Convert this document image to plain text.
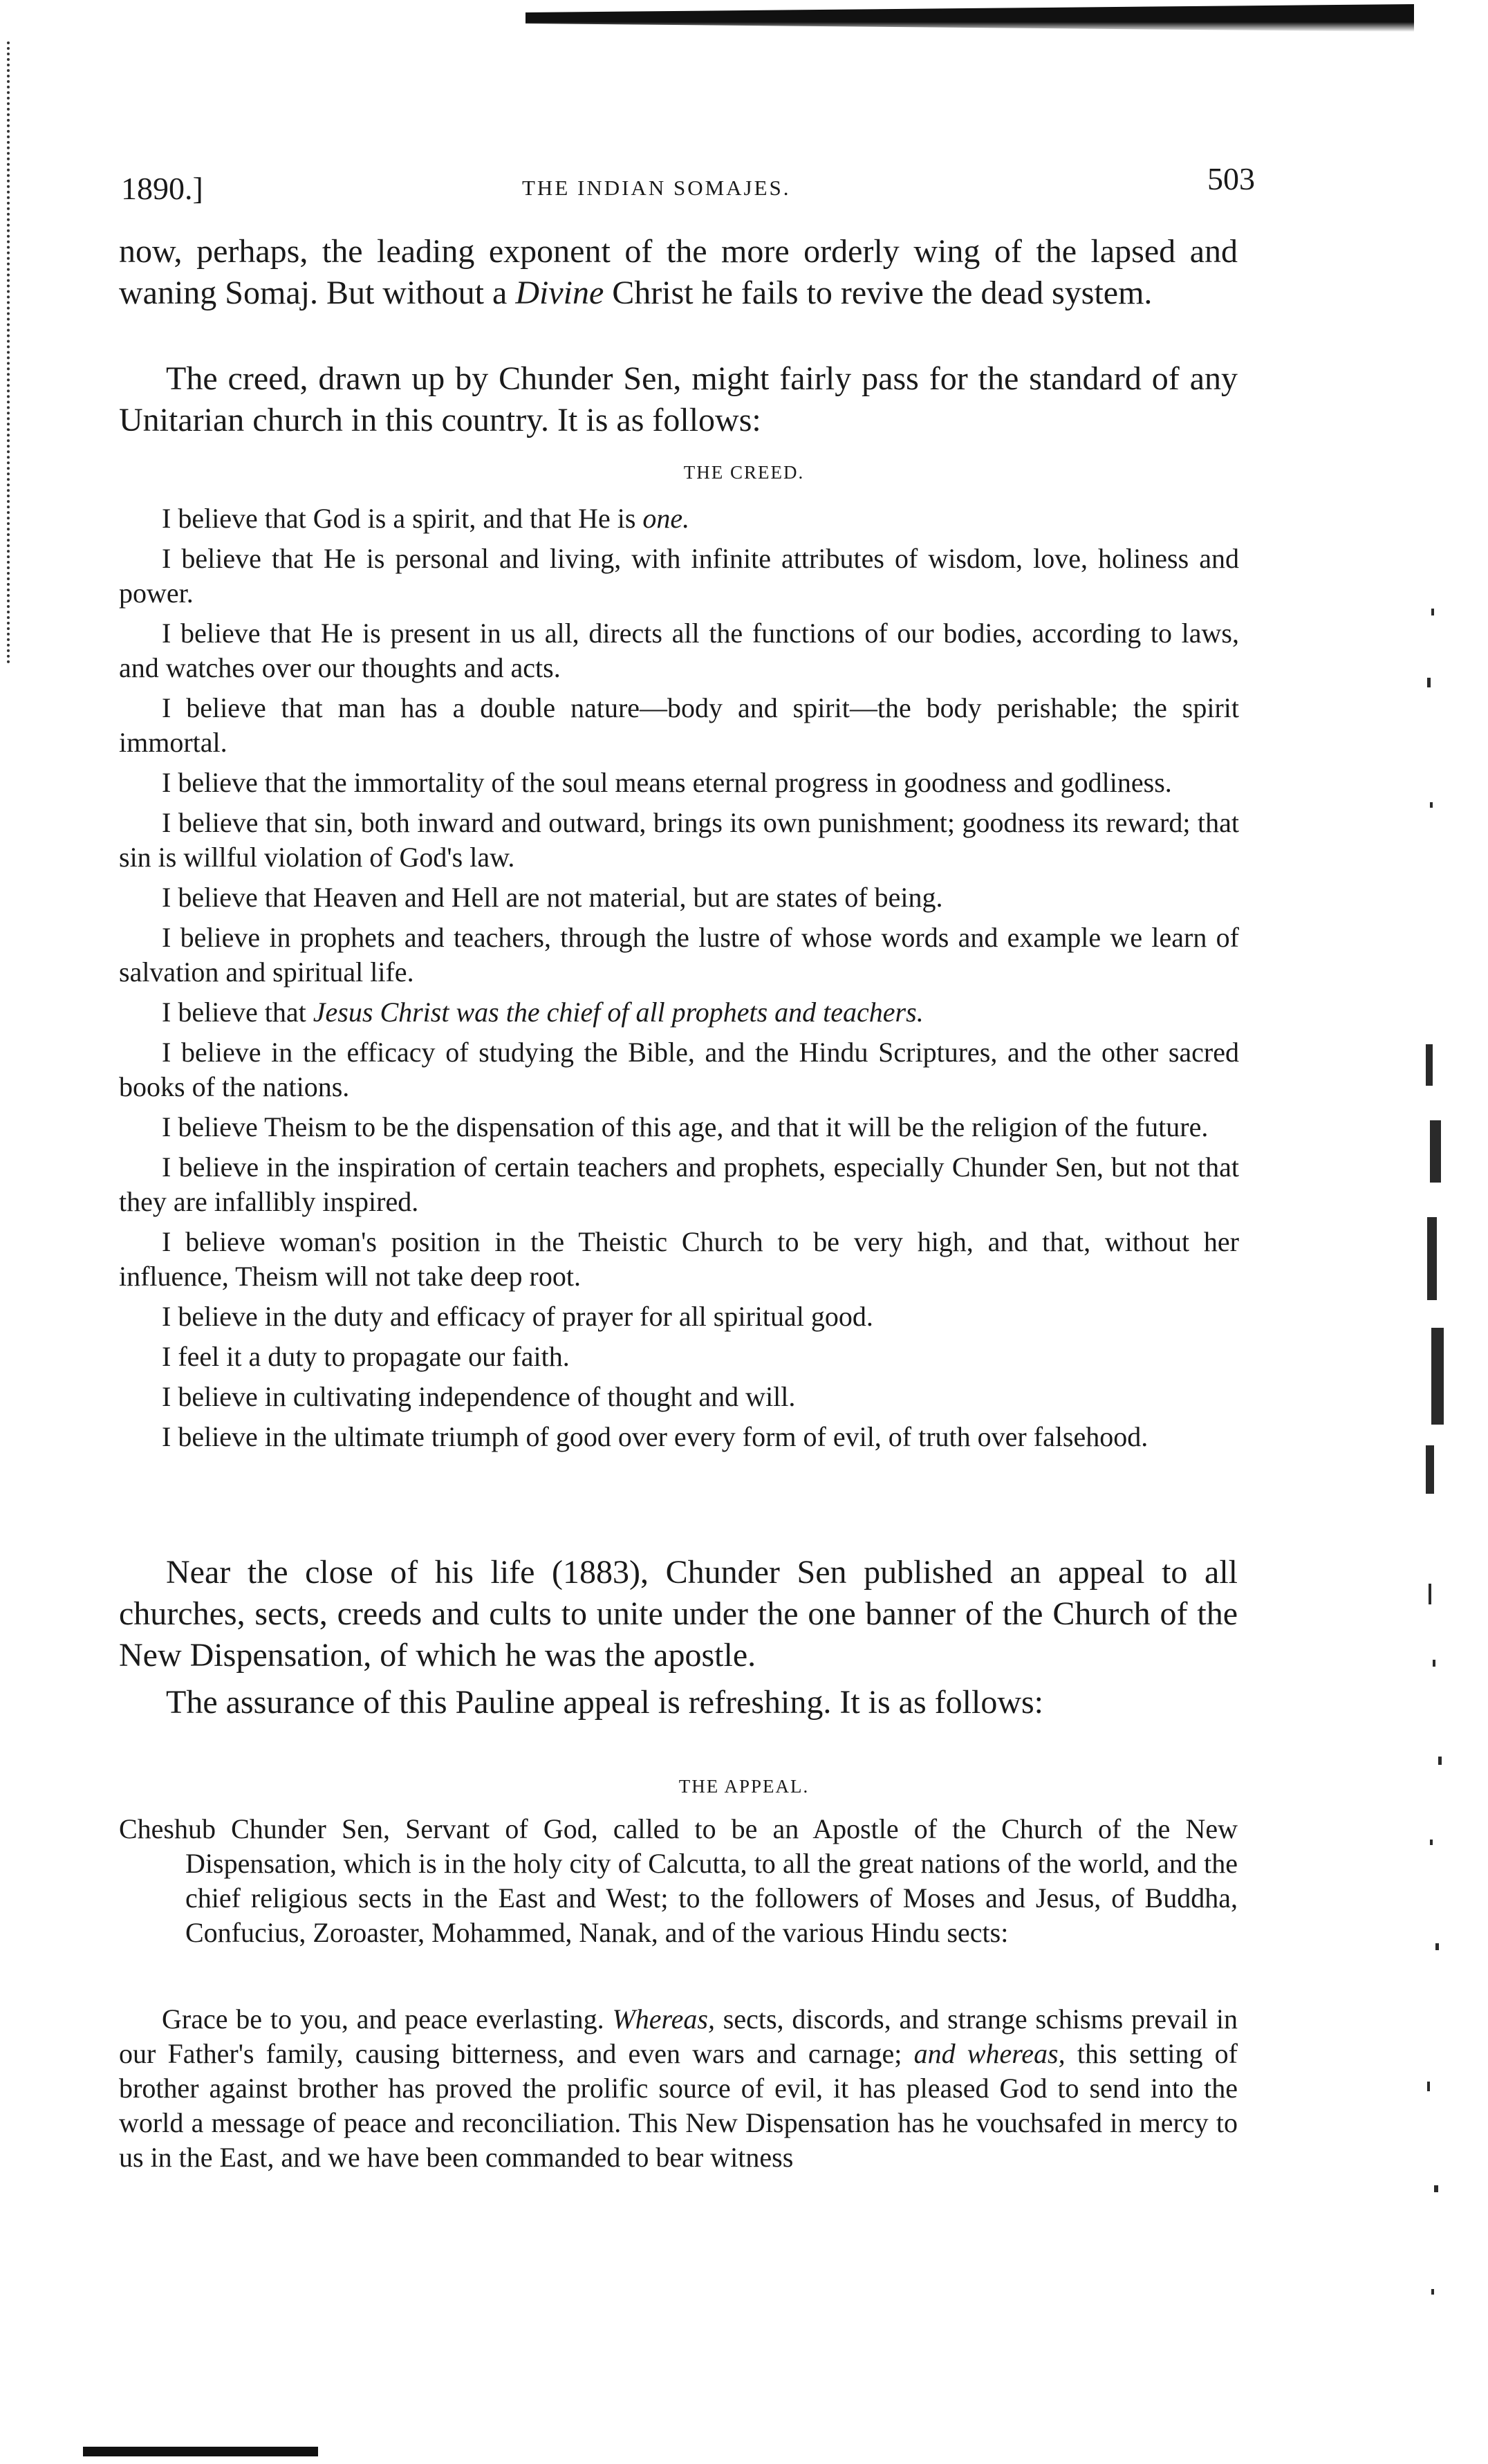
1890.]	THE INDIAN SOMAJES.	503
now, perhaps, the leading exponent of the more orderly wing of the lapsed and waning Somaj. But without a Divine Christ he fails to revive the dead system.
The creed, drawn up by Chunder Sen, might fairly pass for the standard of any Unitarian church in this country. It is as follows:
THE CREED.

I believe that God is a spirit, and that He is one.

I believe that He is personal and living, with infinite attributes of wisdom, love, holiness and power.

I believe that He is present in us all, directs all the functions of our bodies, according to laws, and watches over our thoughts and acts.

I believe that man has a double nature—body and spirit—the body perishable; the spirit immortal.

I believe that the immortality of the soul means eternal progress in goodness and godliness.

I believe that sin, both inward and outward, brings its own punishment; goodness its reward; that sin is willful violation of God's law.

I believe that Heaven and Hell are not material, but are states of being.

I believe in prophets and teachers, through the lustre of whose words and example we learn of salvation and spiritual life.

I believe that Jesus Christ was the chief of all prophets and teachers.

I believe in the efficacy of studying the Bible, and the Hindu Scriptures, and the other sacred books of the nations.

I believe Theism to be the dispensation of this age, and that it will be the religion of the future.

I believe in the inspiration of certain teachers and prophets, especially Chunder Sen, but not that they are infallibly inspired.

I believe woman's position in the Theistic Church to be very high, and that, without her influence, Theism will not take deep root.

I believe in the duty and efficacy of prayer for all spiritual good.

I feel it a duty to propagate our faith.

I believe in cultivating independence of thought and will.

I believe in the ultimate triumph of good over every form of evil, of truth over falsehood.

Near the close of his life (1883), Chunder Sen published an appeal to all churches, sects, creeds and cults to unite under the one banner of the Church of the New Dispensation, of which he was the apostle.
The assurance of this Pauline appeal is refreshing. It is as follows:
THE APPEAL.
Cheshub Chunder Sen, Servant of God, called to be an Apostle of the Church of the New Dispensation, which is in the holy city of Calcutta, to all the great nations of the world, and the chief religious sects in the East and West; to the followers of Moses and Jesus, of Buddha, Confucius, Zoroaster, Mohammed, Nanak, and of the various Hindu sects:
Grace be to you, and peace everlasting. Whereas, sects, discords, and strange schisms prevail in our Father's family, causing bitterness, and even wars and carnage; and whereas, this setting of brother against brother has proved the prolific source of evil, it has pleased God to send into the world a message of peace and reconciliation. This New Dispensation has he vouchsafed in mercy to us in the East, and we have been commanded to bear witness
